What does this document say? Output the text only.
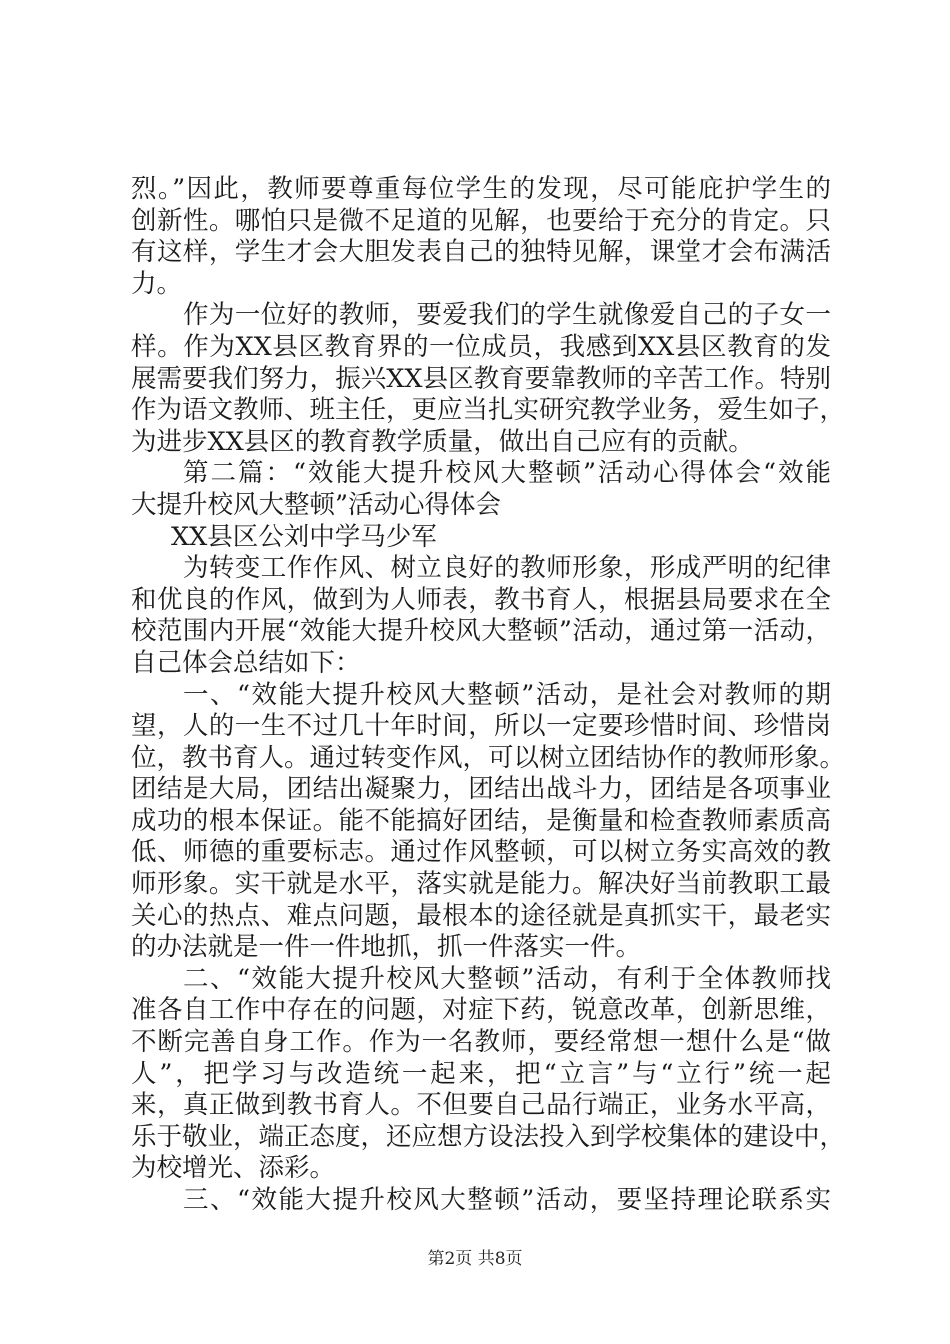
烈。”因此，教师要尊重每位学生的发现，尽可能庇护学生的
创新性。哪怕只是微不足道的见解，也要给于充分的肯定。只
有这样，学生才会大胆发表自己的独特见解，课堂才会布满活
力。
作为一位好的教师，要爱我们的学生就像爱自己的子女一
样。作为XX县区教育界的一位成员，我感到XX县区教育的发
展需要我们努力，振兴XX县区教育要靠教师的辛苦工作。特别
作为语文教师、班主任，更应当扎实研究教学业务，爱生如子，
为进步XX县区的教育教学质量，做出自己应有的贡献。
第二篇：“效能大提升校风大整顿”活动心得体会“效能
大提升校风大整顿”活动心得体会
XX县区公刘中学马少军
为转变工作作风、树立良好的教师形象，形成严明的纪律
和优良的作风，做到为人师表，教书育人，根据县局要求在全
校范围内开展“效能大提升校风大整顿”活动，通过第一活动，
自己体会总结如下：
一、“效能大提升校风大整顿”活动，是社会对教师的期
望，人的一生不过几十年时间，所以一定要珍惜时间、珍惜岗
位，教书育人。通过转变作风，可以树立团结协作的教师形象。
团结是大局，团结出凝聚力，团结出战斗力，团结是各项事业
成功的根本保证。能不能搞好团结，是衡量和检查教师素质高
低、师德的重要标志。通过作风整顿，可以树立务实高效的教
师形象。实干就是水平，落实就是能力。解决好当前教职工最
关心的热点、难点问题，最根本的途径就是真抓实干，最老实
的办法就是一件一件地抓，抓一件落实一件。
二、“效能大提升校风大整顿”活动，有利于全体教师找
准各自工作中存在的问题，对症下药，锐意改革，创新思维，
不断完善自身工作。作为一名教师，要经常想一想什么是“做
人”，把学习与改造统一起来，把“立言”与“立行”统一起
来，真正做到教书育人。不但要自己品行端正，业务水平高，
乐于敬业，端正态度，还应想方设法投入到学校集体的建设中，
为校增光、添彩。
三、“效能大提升校风大整顿”活动，要坚持理论联系实
第2页 共8页
